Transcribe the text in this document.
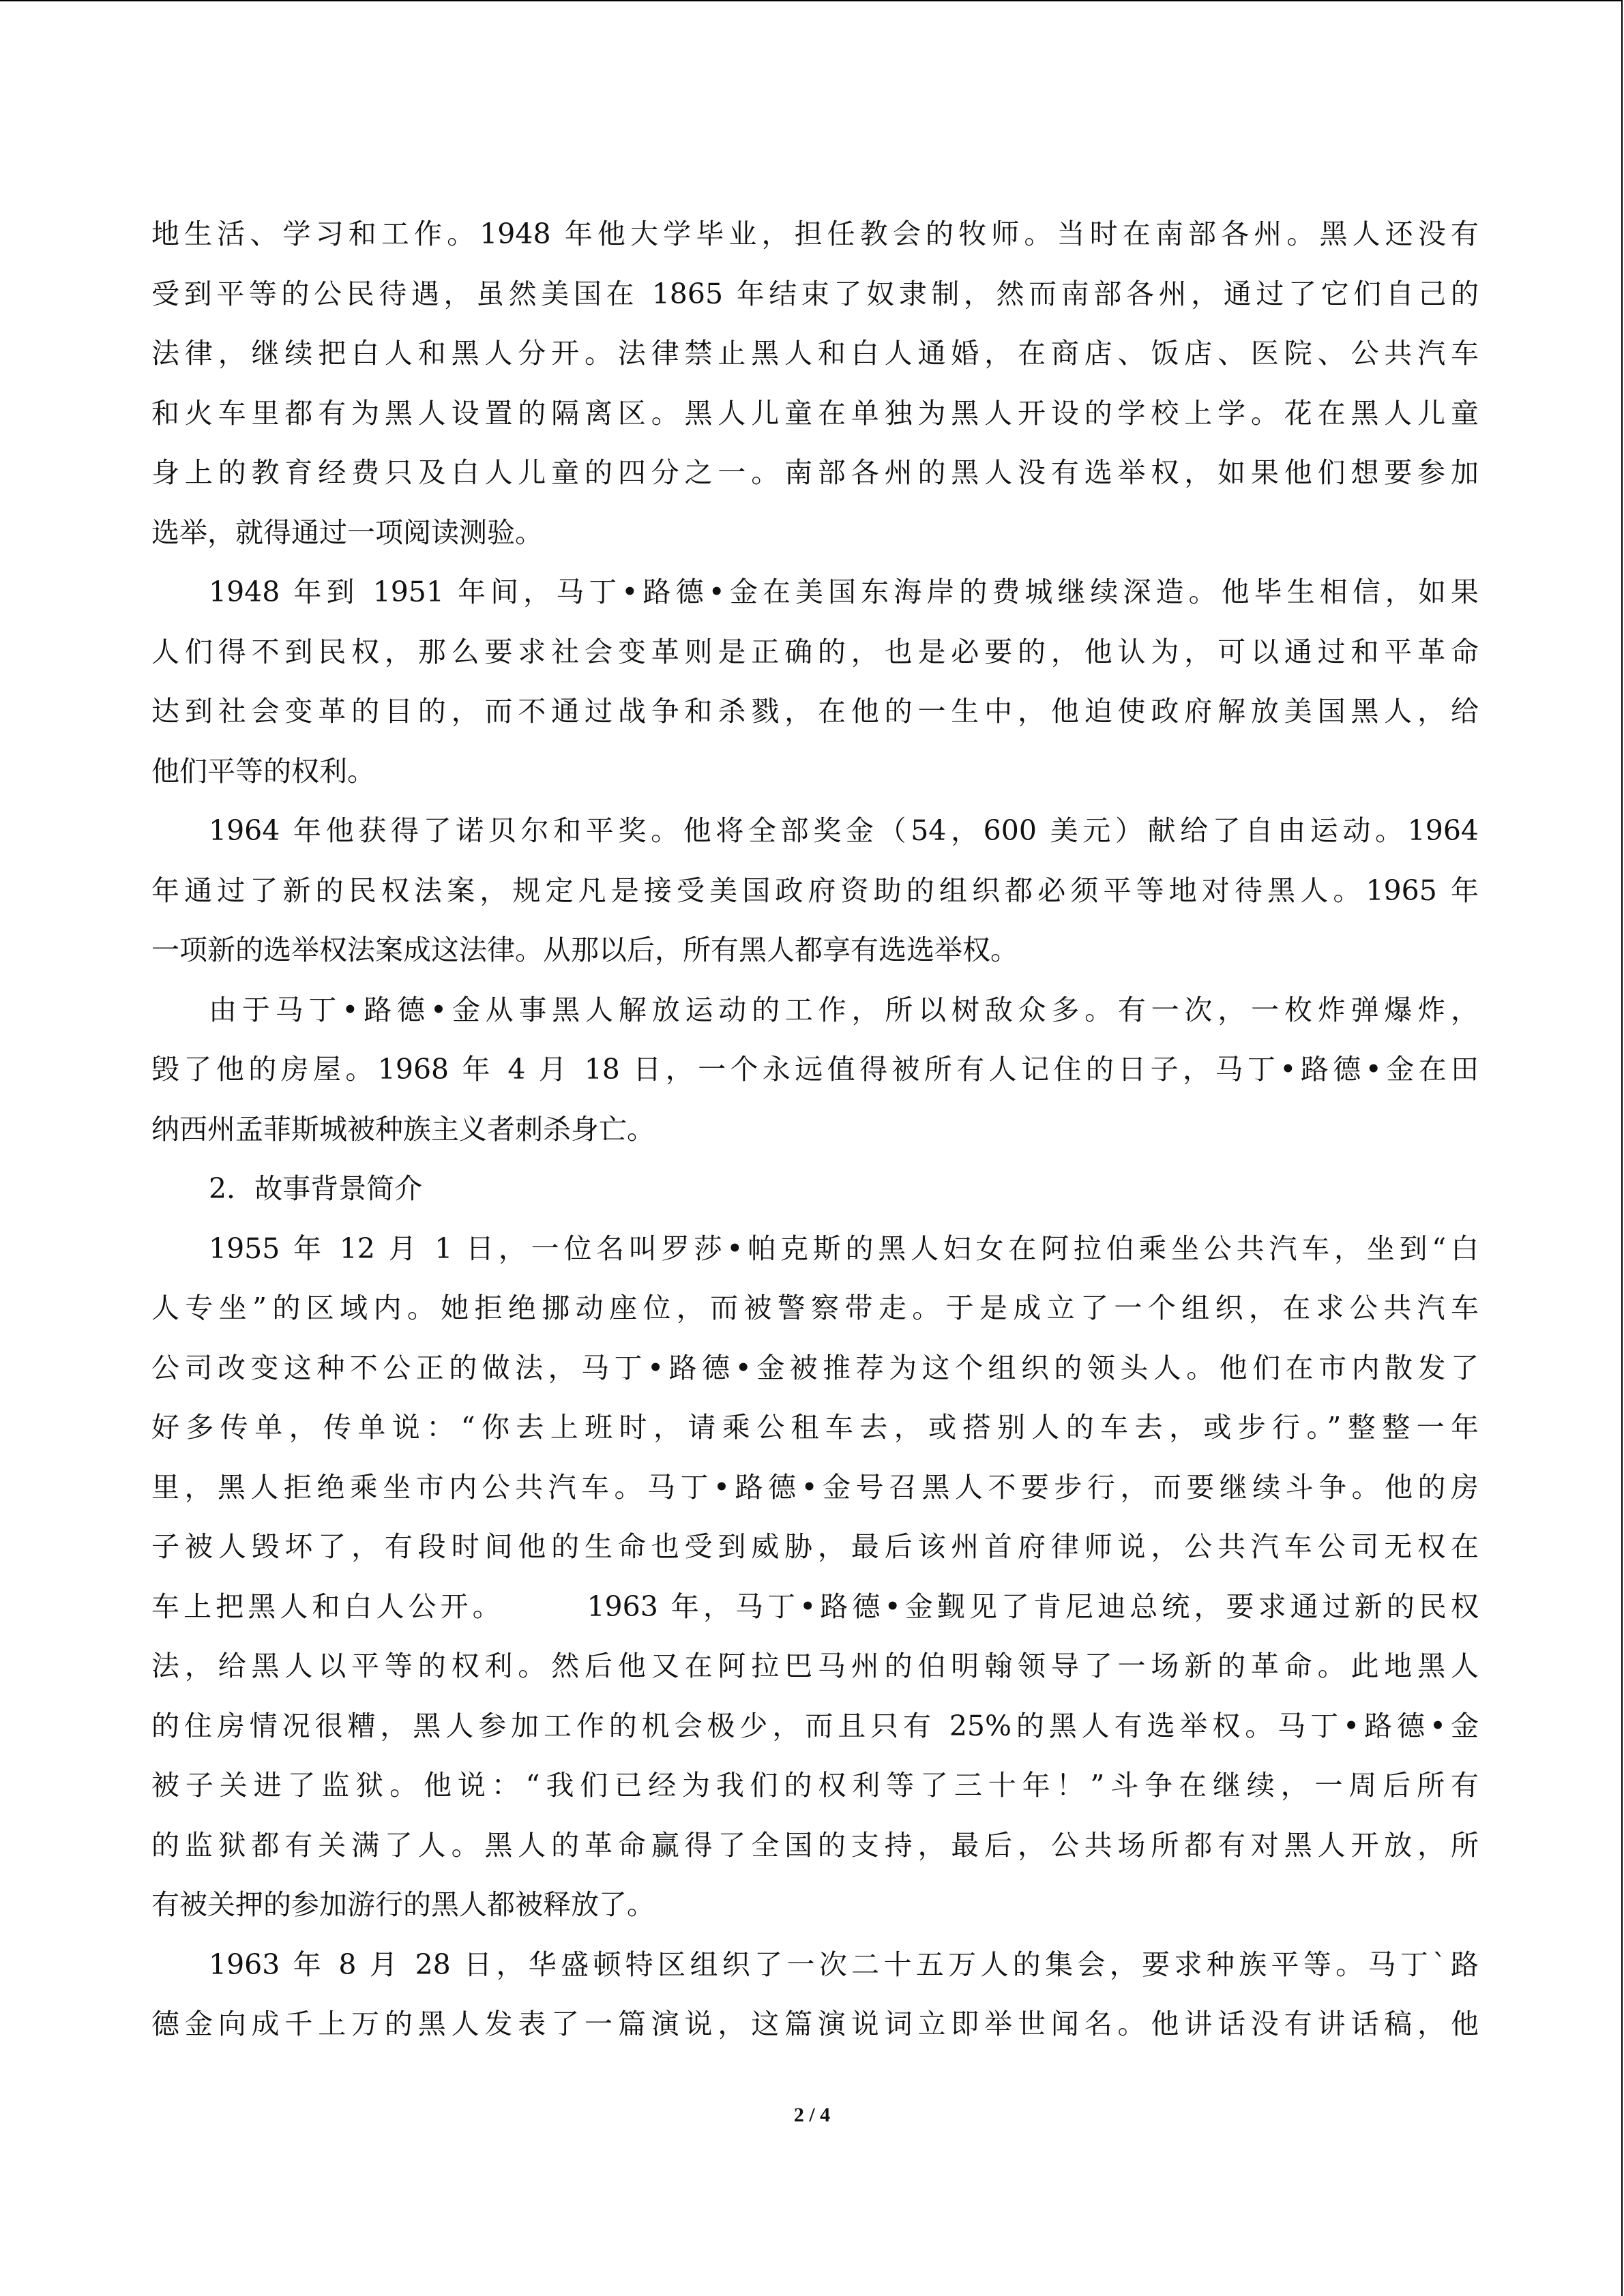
地生活、学习和工作。1948 年他大学毕业，担任教会的牧师。当时在南部各州。黑人还没有
受到平等的公民待遇，虽然美国在 1865 年结束了奴隶制，然而南部各州，通过了它们自己的
法律，继续把白人和黑人分开。法律禁止黑人和白人通婚，在商店、饭店、医院、公共汽车
和火车里都有为黑人设置的隔离区。黑人儿童在单独为黑人开设的学校上学。花在黑人儿童
身上的教育经费只及白人儿童的四分之一。南部各州的黑人没有选举权，如果他们想要参加
选举，就得通过一项阅读测验。
1948 年到 1951 年间，马丁•路德•金在美国东海岸的费城继续深造。他毕生相信，如果
人们得不到民权，那么要求社会变革则是正确的，也是必要的，他认为，可以通过和平革命
达到社会变革的目的，而不通过战争和杀戮，在他的一生中，他迫使政府解放美国黑人，给
他们平等的权利。
1964 年他获得了诺贝尔和平奖。他将全部奖金（54，600 美元）献给了自由运动。1964
年通过了新的民权法案，规定凡是接受美国政府资助的组织都必须平等地对待黑人。1965 年
一项新的选举权法案成这法律。从那以后，所有黑人都享有选选举权。
由于马丁•路德•金从事黑人解放运动的工作，所以树敌众多。有一次，一枚炸弹爆炸，
毁了他的房屋。1968 年 4 月 18 日，一个永远值得被所有人记住的日子，马丁•路德•金在田
纳西州孟菲斯城被种族主义者刺杀身亡。
2．故事背景简介
1955 年 12 月 1 日，一位名叫罗莎•帕克斯的黑人妇女在阿拉伯乘坐公共汽车，坐到“白
人专坐”的区域内。她拒绝挪动座位，而被警察带走。于是成立了一个组织，在求公共汽车
公司改变这种不公正的做法，马丁•路德•金被推荐为这个组织的领头人。他们在市内散发了
好多传单，传单说：“你去上班时，请乘公租车去，或搭别人的车去，或步行。”整整一年
里，黑人拒绝乘坐市内公共汽车。马丁•路德•金号召黑人不要步行，而要继续斗争。他的房
子被人毁坏了，有段时间他的生命也受到威胁，最后该州首府律师说，公共汽车公司无权在
车上把黑人和白人公开。　　　1963 年，马丁•路德•金觐见了肯尼迪总统，要求通过新的民权
法，给黑人以平等的权利。然后他又在阿拉巴马州的伯明翰领导了一场新的革命。此地黑人
的住房情况很糟，黑人参加工作的机会极少，而且只有 25%的黑人有选举权。马丁•路德•金
被子关进了监狱。他说：“我们已经为我们的权利等了三十年！”斗争在继续，一周后所有
的监狱都有关满了人。黑人的革命赢得了全国的支持，最后，公共场所都有对黑人开放，所
有被关押的参加游行的黑人都被释放了。
1963 年 8 月 28 日，华盛顿特区组织了一次二十五万人的集会，要求种族平等。马丁`路
德金向成千上万的黑人发表了一篇演说，这篇演说词立即举世闻名。他讲话没有讲话稿，他
2 / 4
